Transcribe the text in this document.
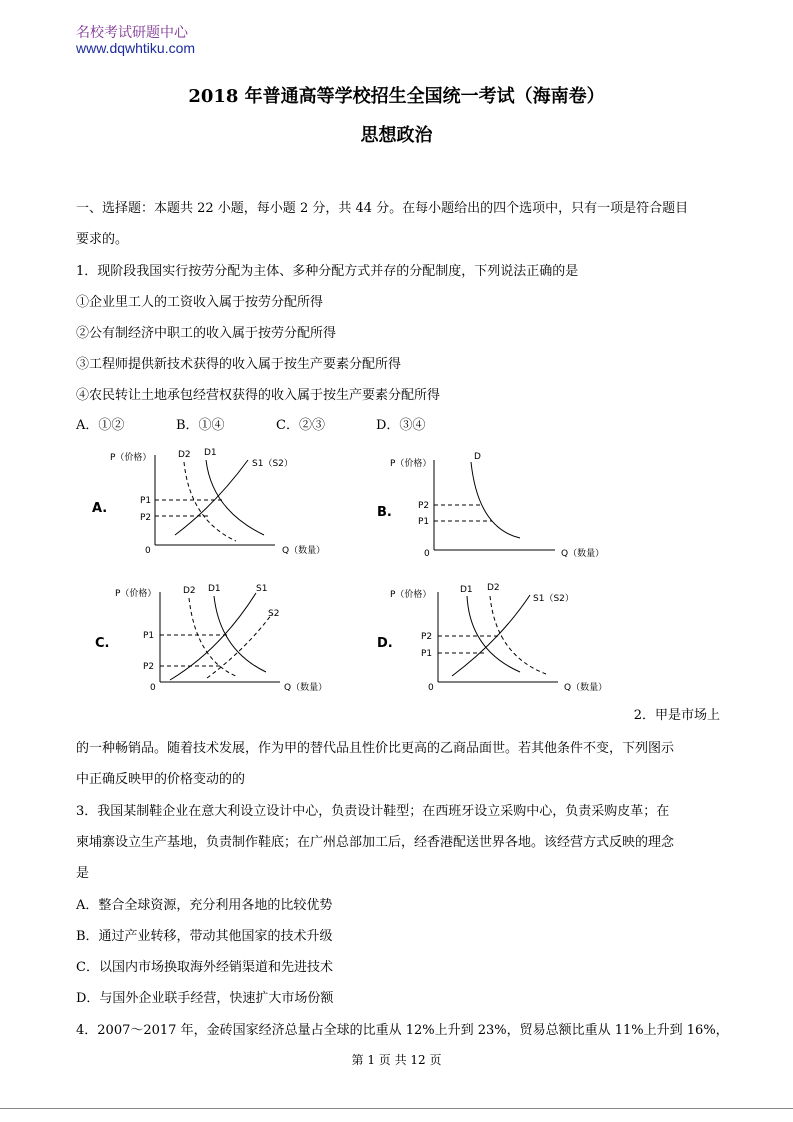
名校考试研题中心
www.dqwhtiku.com
2018 年普通高等学校招生全国统一考试（海南卷）
思想政治
一、选择题：本题共 22 小题，每小题 2 分，共 44 分。在每小题给出的四个选项中，只有一项是符合题目
要求的。
1．现阶段我国实行按劳分配为主体、多种分配方式并存的分配制度，下列说法正确的是
①企业里工人的工资收入属于按劳分配所得
②公有制经济中职工的收入属于按劳分配所得
③工程师提供新技术获得的收入属于按生产要素分配所得
④农民转让土地承包经营权获得的收入属于按生产要素分配所得
A．①②	B．①④	C．②③	D．③④
A.
P（价格）
0	Q（数量）
P1
P2
D2 D1
S1（S2）
B.
P（价格）
0	Q（数量）
P2
P1
D
C.
P（价格）
0	Q（数量）
P1
P2
D2 D1	S1
S2
D.
P（价格）
0	Q（数量）
P2
P1
D1 D2
S1（S2）
2．甲是市场上
的一种畅销品。随着技术发展，作为甲的替代品且性价比更高的乙商品面世。若其他条件不变，下列图示
中正确反映甲的价格变动的的
3．我国某制鞋企业在意大利设立设计中心，负责设计鞋型；在西班牙设立采购中心，负责采购皮革；在
柬埔寨设立生产基地，负责制作鞋底；在广州总部加工后，经香港配送世界各地。该经营方式反映的理念
是
A．整合全球资源，充分利用各地的比较优势
B．通过产业转移，带动其他国家的技术升级
C．以国内市场换取海外经销渠道和先进技术
D．与国外企业联手经营，快速扩大市场份额
4．2007～2017 年，金砖国家经济总量占全球的比重从 12%上升到 23%，贸易总额比重从 11%上升到 16%，
第 1 页 共 12 页
